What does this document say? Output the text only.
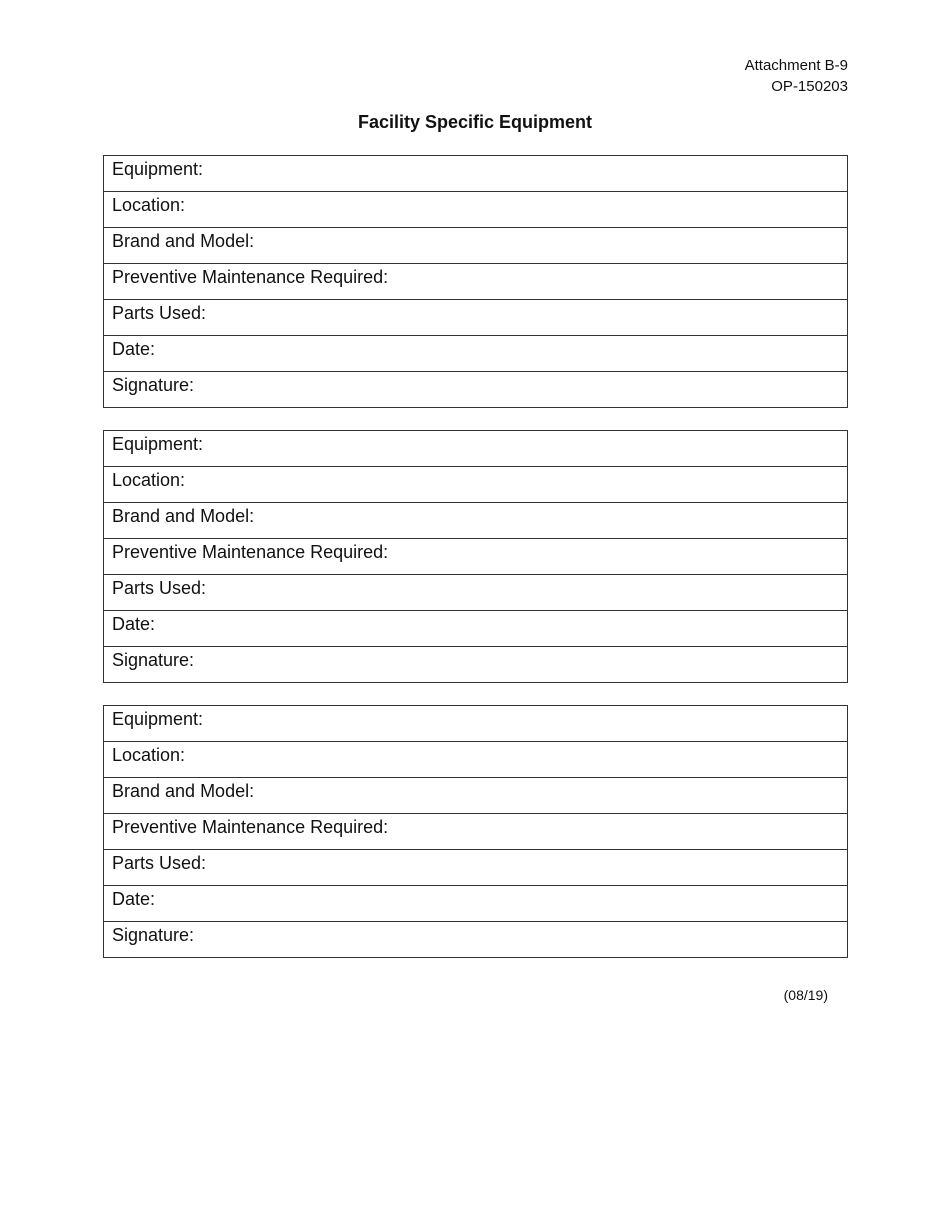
Attachment B-9
OP-150203
Facility Specific Equipment
Equipment:
Location:
Brand and Model:
Preventive Maintenance Required:
Parts Used:
Date:
Signature:
Equipment:
Location:
Brand and Model:
Preventive Maintenance Required:
Parts Used:
Date:
Signature:
Equipment:
Location:
Brand and Model:
Preventive Maintenance Required:
Parts Used:
Date:
Signature:
(08/19)
